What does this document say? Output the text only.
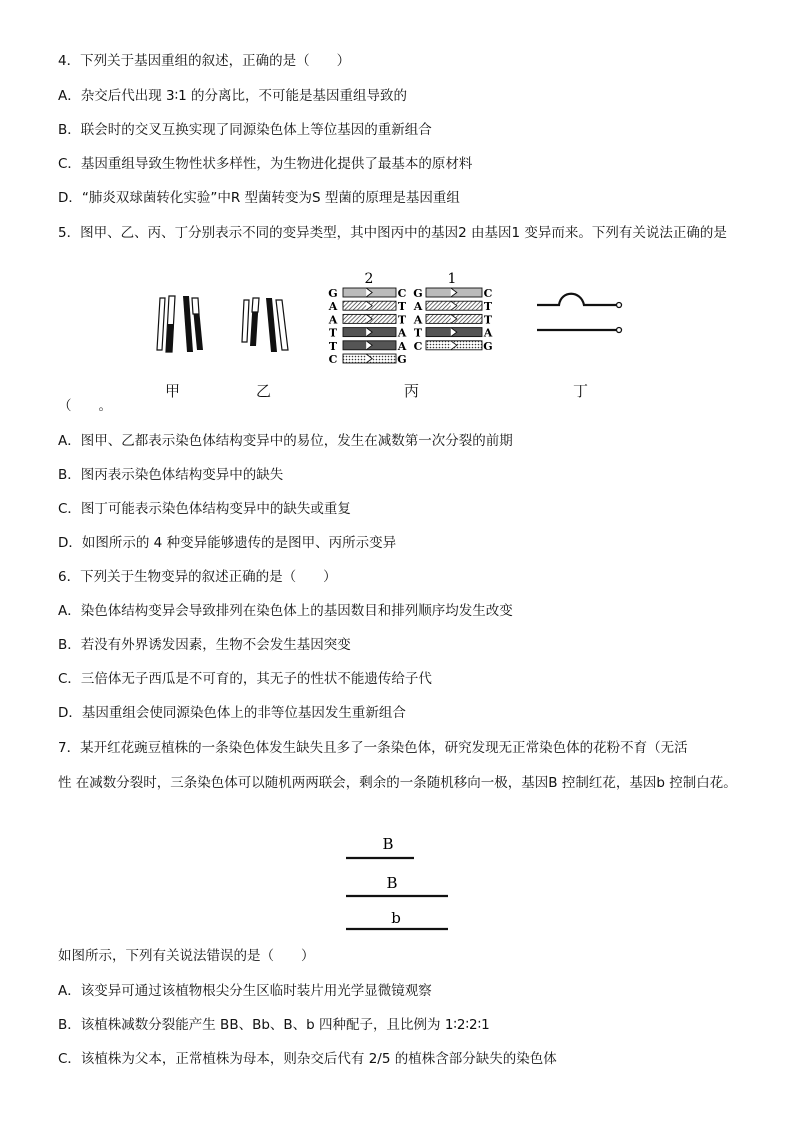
4．下列关于基因重组的叙述，正确的是（　　）
A．杂交后代出现 3∶1 的分离比，不可能是基因重组导致的
B．联会时的交叉互换实现了同源染色体上等位基因的重新组合
C．基因重组导致生物性状多样性，为生物进化提供了最基本的原材料
D．“肺炎双球菌转化实验”中R 型菌转变为S 型菌的原理是基因重组
5．图甲、乙、丙、丁分别表示不同的变异类型，其中图丙中的基因2 由基因1 变异而来。下列有关说法正确的是
2	1
G	C
A	T
A	T
T	A
T	A
C	G
G	C
A	T
A	T
T	A
C	G
甲	乙	丙	丁
（　　。
A．图甲、乙都表示染色体结构变异中的易位，发生在减数第一次分裂的前期
B．图丙表示染色体结构变异中的缺失
C．图丁可能表示染色体结构变异中的缺失或重复
D．如图所示的 4 种变异能够遗传的是图甲、丙所示变异
6．下列关于生物变异的叙述正确的是（　　）
A．染色体结构变异会导致排列在染色体上的基因数目和排列顺序均发生改变
B．若没有外界诱发因素，生物不会发生基因突变
C．三倍体无子西瓜是不可育的，其无子的性状不能遗传给子代
D．基因重组会使同源染色体上的非等位基因发生重新组合
7．某开红花豌豆植株的一条染色体发生缺失且多了一条染色体，研究发现无正常染色体的花粉不育（无活
性 在减数分裂时，三条染色体可以随机两两联会，剩余的一条随机移向一极，基因B 控制红花，基因b 控制白花。
B
B
b
如图所示，下列有关说法错误的是（　　）
A．该变异可通过该植物根尖分生区临时装片用光学显微镜观察
B．该植株减数分裂能产生 BB、Bb、B、b 四种配子，且比例为 1∶2∶2∶1
C．该植株为父本，正常植株为母本，则杂交后代有 2/5 的植株含部分缺失的染色体
